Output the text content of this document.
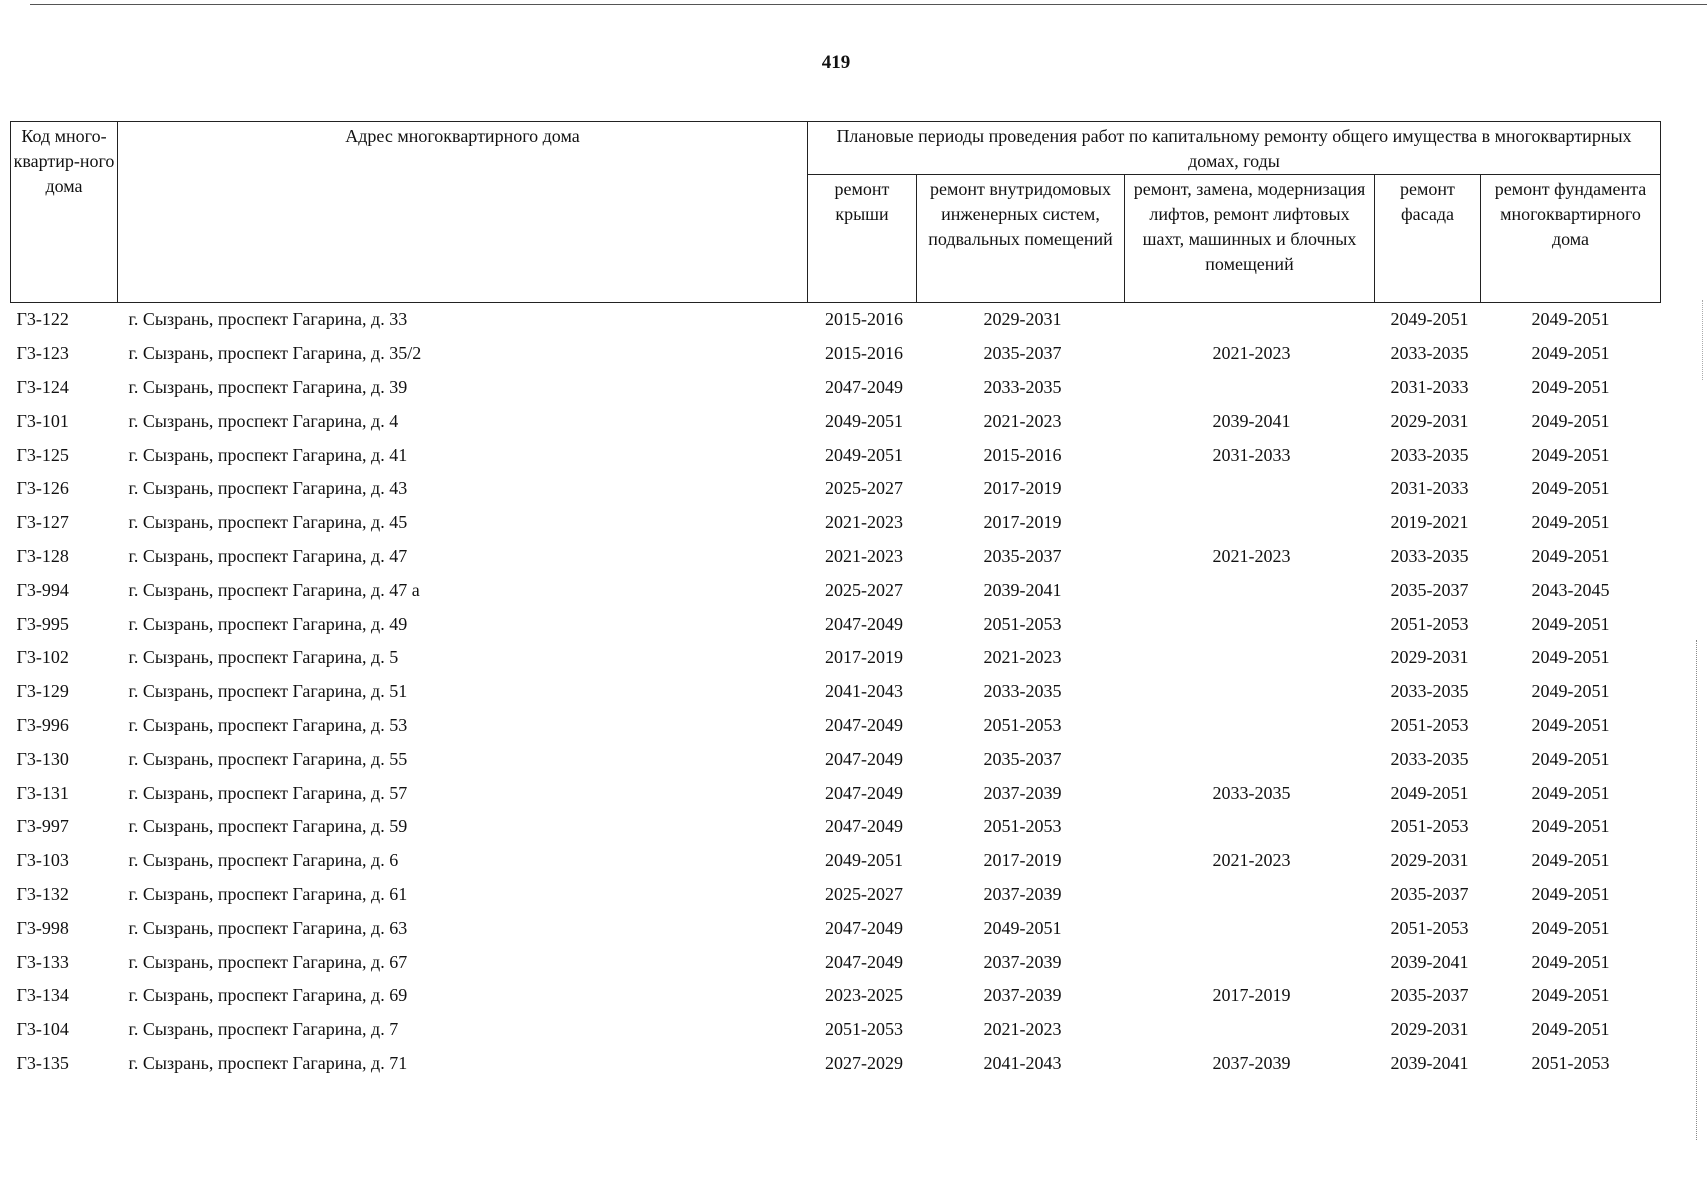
419
Код много-квартир-ного дома	Адрес многоквартирного дома	Плановые периоды проведения работ по капитальному ремонту общего имущества в многоквартирных домах, годы				
		ремонт крыши	ремонт внутридомовых инженерных систем, подвальных помещений	ремонт, замена, модернизация лифтов, ремонт лифтовых шахт, машинных и блочных помещений	ремонт фасада	ремонт фундамента многоквартирного дома
Г3-122	г. Сызрань, проспект Гагарина, д. 33	2015-2016	2029-2031		2049-2051	2049-2051
Г3-123	г. Сызрань, проспект Гагарина, д. 35/2	2015-2016	2035-2037	2021-2023	2033-2035	2049-2051
Г3-124	г. Сызрань, проспект Гагарина, д. 39	2047-2049	2033-2035		2031-2033	2049-2051
Г3-101	г. Сызрань, проспект Гагарина, д. 4	2049-2051	2021-2023	2039-2041	2029-2031	2049-2051
Г3-125	г. Сызрань, проспект Гагарина, д. 41	2049-2051	2015-2016	2031-2033	2033-2035	2049-2051
Г3-126	г. Сызрань, проспект Гагарина, д. 43	2025-2027	2017-2019		2031-2033	2049-2051
Г3-127	г. Сызрань, проспект Гагарина, д. 45	2021-2023	2017-2019		2019-2021	2049-2051
Г3-128	г. Сызрань, проспект Гагарина, д. 47	2021-2023	2035-2037	2021-2023	2033-2035	2049-2051
Г3-994	г. Сызрань, проспект Гагарина, д. 47 а	2025-2027	2039-2041		2035-2037	2043-2045
Г3-995	г. Сызрань, проспект Гагарина, д. 49	2047-2049	2051-2053		2051-2053	2049-2051
Г3-102	г. Сызрань, проспект Гагарина, д. 5	2017-2019	2021-2023		2029-2031	2049-2051
Г3-129	г. Сызрань, проспект Гагарина, д. 51	2041-2043	2033-2035		2033-2035	2049-2051
Г3-996	г. Сызрань, проспект Гагарина, д. 53	2047-2049	2051-2053		2051-2053	2049-2051
Г3-130	г. Сызрань, проспект Гагарина, д. 55	2047-2049	2035-2037		2033-2035	2049-2051
Г3-131	г. Сызрань, проспект Гагарина, д. 57	2047-2049	2037-2039	2033-2035	2049-2051	2049-2051
Г3-997	г. Сызрань, проспект Гагарина, д. 59	2047-2049	2051-2053		2051-2053	2049-2051
Г3-103	г. Сызрань, проспект Гагарина, д. 6	2049-2051	2017-2019	2021-2023	2029-2031	2049-2051
Г3-132	г. Сызрань, проспект Гагарина, д. 61	2025-2027	2037-2039		2035-2037	2049-2051
Г3-998	г. Сызрань, проспект Гагарина, д. 63	2047-2049	2049-2051		2051-2053	2049-2051
Г3-133	г. Сызрань, проспект Гагарина, д. 67	2047-2049	2037-2039		2039-2041	2049-2051
Г3-134	г. Сызрань, проспект Гагарина, д. 69	2023-2025	2037-2039	2017-2019	2035-2037	2049-2051
Г3-104	г. Сызрань, проспект Гагарина, д. 7	2051-2053	2021-2023		2029-2031	2049-2051
Г3-135	г. Сызрань, проспект Гагарина, д. 71	2027-2029	2041-2043	2037-2039	2039-2041	2051-2053
